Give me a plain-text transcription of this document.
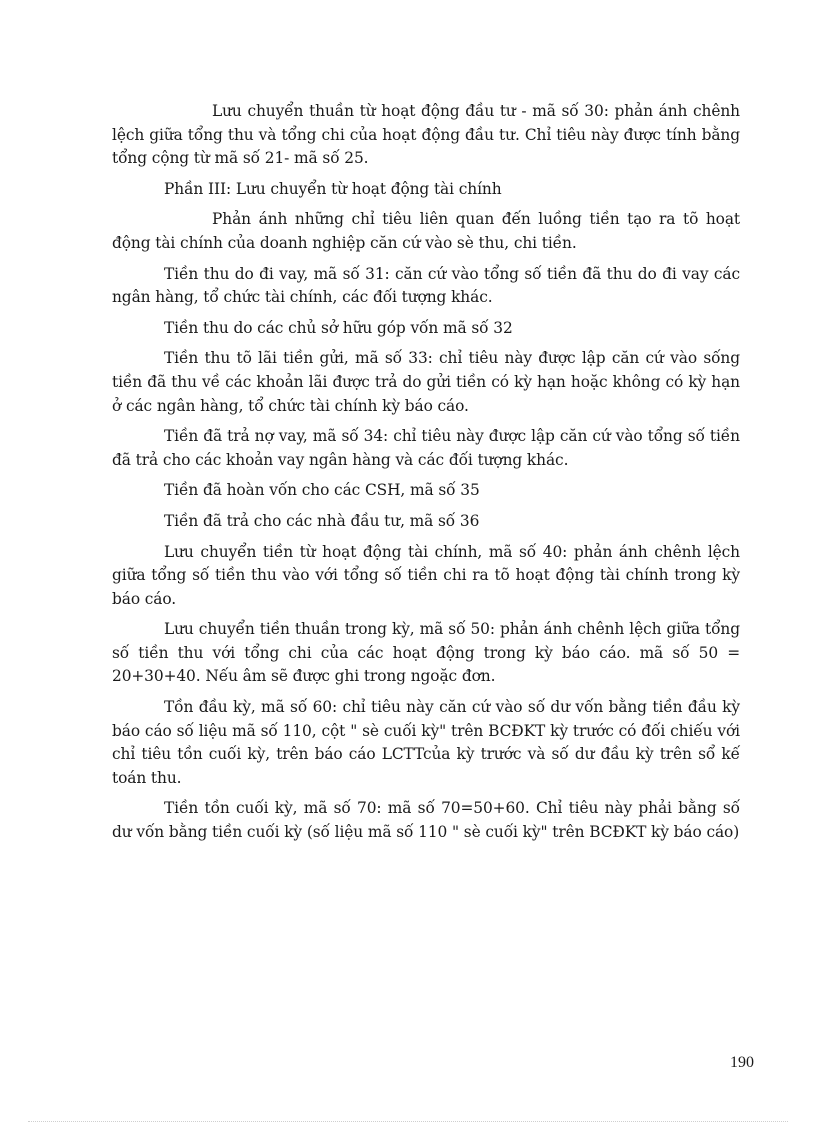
Lưu chuyển thuần từ hoạt động đầu tư - mã số 30: phản ánh chênh lệch giữa tổng thu và tổng chi của hoạt động đầu tư. Chỉ tiêu này được tính bằng tổng cộng từ mã số 21- mã số 25.

Phần III: Lưu chuyển từ hoạt động tài chính

Phản ánh những chỉ tiêu liên quan đến luồng tiền tạo ra tõ hoạt động tài chính của doanh nghiệp căn cứ vào sè thu, chi tiền.

Tiền thu do đi vay, mã số 31: căn cứ vào tổng số tiền đã thu do đi vay các ngân hàng, tổ chức tài chính, các đối tượng khác.

Tiền thu do các chủ sở hữu góp vốn mã số 32

Tiền thu tõ lãi tiền gửi, mã số 33: chỉ tiêu này được lập căn cứ vào sống tiền đã thu về các khoản lãi được trả do gửi tiền có kỳ hạn hoặc không có kỳ hạn ở các ngân hàng, tổ chức tài chính kỳ báo cáo.

Tiền đã trả nợ vay, mã số 34: chỉ tiêu này được lập căn cứ vào tổng số tiền đã trả cho các khoản vay ngân hàng và các đối tượng khác.

Tiền đã hoàn vốn cho các CSH, mã số 35

Tiền đã trả cho các nhà đầu tư, mã số 36

Lưu chuyển tiền từ hoạt động tài chính, mã số 40: phản ánh chênh lệch giữa tổng số tiền thu vào với tổng số tiền chi ra tõ hoạt động tài chính trong kỳ báo cáo.

Lưu chuyển tiền thuần trong kỳ, mã số 50: phản ánh chênh lệch giữa tổng số tiền thu với tổng chi của các hoạt động trong kỳ báo cáo. mã số 50 = 20+30+40. Nếu âm sẽ được ghi trong ngoặc đơn.

Tồn đầu kỳ, mã số 60: chỉ tiêu này căn cứ vào số dư vốn bằng tiền đầu kỳ báo cáo số liệu mã số 110, cột " sè cuối kỳ" trên BCĐKT kỳ trước có đối chiếu với chỉ tiêu tồn cuối kỳ, trên báo cáo LCTTcủa kỳ trước và số dư đầu kỳ trên sổ kế toán thu.

Tiền tồn cuối kỳ, mã số 70: mã số 70=50+60. Chỉ tiêu này phải bằng số dư vốn bằng tiền cuối kỳ (số liệu mã số 110 " sè cuối kỳ" trên BCĐKT kỳ báo cáo)

190
